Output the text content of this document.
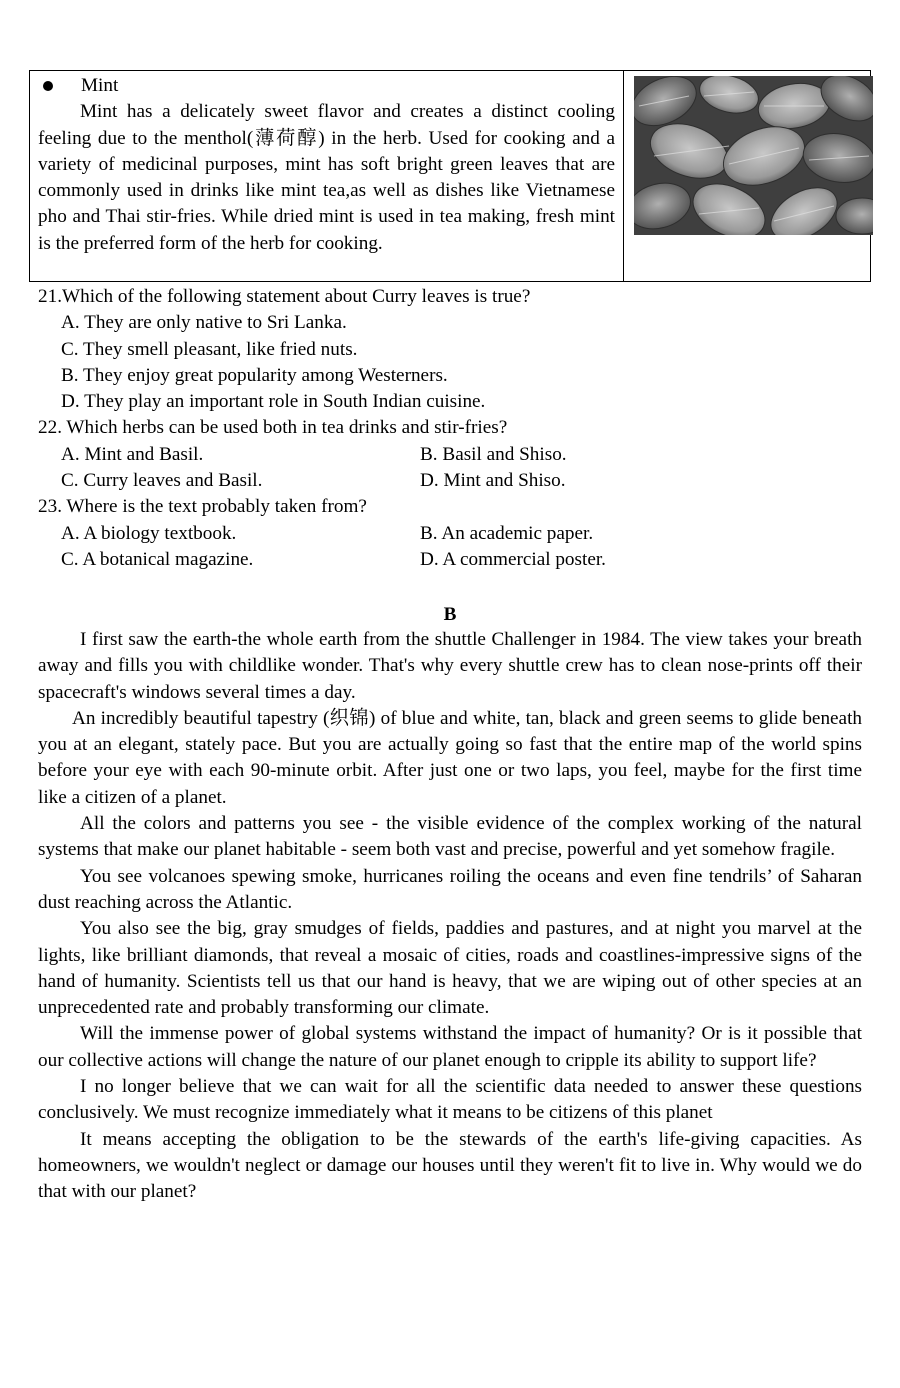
Mint

Mint has a delicately sweet flavor and creates a distinct cooling feeling due to the menthol(薄荷醇) in the herb. Used for cooking and a variety of medicinal purposes, mint has soft bright green leaves that are commonly used in drinks like mint tea,as well as dishes like Vietnamese pho and Thai stir-fries. While dried mint is used in tea making, fresh mint is the preferred form of the herb for cooking.

21.Which of the following statement about Curry leaves is true?
A. They are only native to Sri Lanka.
C. They smell pleasant, like fried nuts.
B. They enjoy great popularity among Westerners.
D. They play an important role in South Indian cuisine.
22. Which herbs can be used both in tea drinks and stir-fries?
A. Mint and Basil.	B. Basil and Shiso.
C. Curry leaves and Basil.	D. Mint and Shiso.
23. Where is the text probably taken from?
A. A biology textbook.	B. An academic paper.
C. A botanical magazine.	D. A commercial poster.
B

I first saw the earth-the whole earth from the shuttle Challenger in 1984. The view takes your breath away and fills you with childlike wonder. That's why every shuttle crew has to clean nose-prints off their spacecraft's windows several times a day.

An incredibly beautiful tapestry (织锦) of blue and white, tan, black and green seems to glide beneath you at an elegant, stately pace. But you are actually going so fast that the entire map of the world spins before your eye with each 90-minute orbit. After just one or two laps, you feel, maybe for the first time like a citizen of a planet.

All the colors and patterns you see - the visible evidence of the complex working of the natural systems that make our planet habitable - seem both vast and precise, powerful and yet somehow fragile.

You see volcanoes spewing smoke, hurricanes roiling the oceans and even fine tendrils’ of Saharan dust reaching across the Atlantic.

You also see the big, gray smudges of fields, paddies and pastures, and at night you marvel at the lights, like brilliant diamonds, that reveal a mosaic of cities, roads and coastlines-impressive signs of the hand of humanity. Scientists tell us that our hand is heavy, that we are wiping out of other species at an unprecedented rate and probably transforming our climate.

Will the immense power of global systems withstand the impact of humanity? Or is it possible that our collective actions will change the nature of our planet enough to cripple its ability to support life?

I no longer believe that we can wait for all the scientific data needed to answer these questions conclusively. We must recognize immediately what it means to be citizens of this planet

It means accepting the obligation to be the stewards of the earth's life-giving capacities. As homeowners, we wouldn't neglect or damage our houses until they weren't fit to live in. Why would we do that with our planet?
